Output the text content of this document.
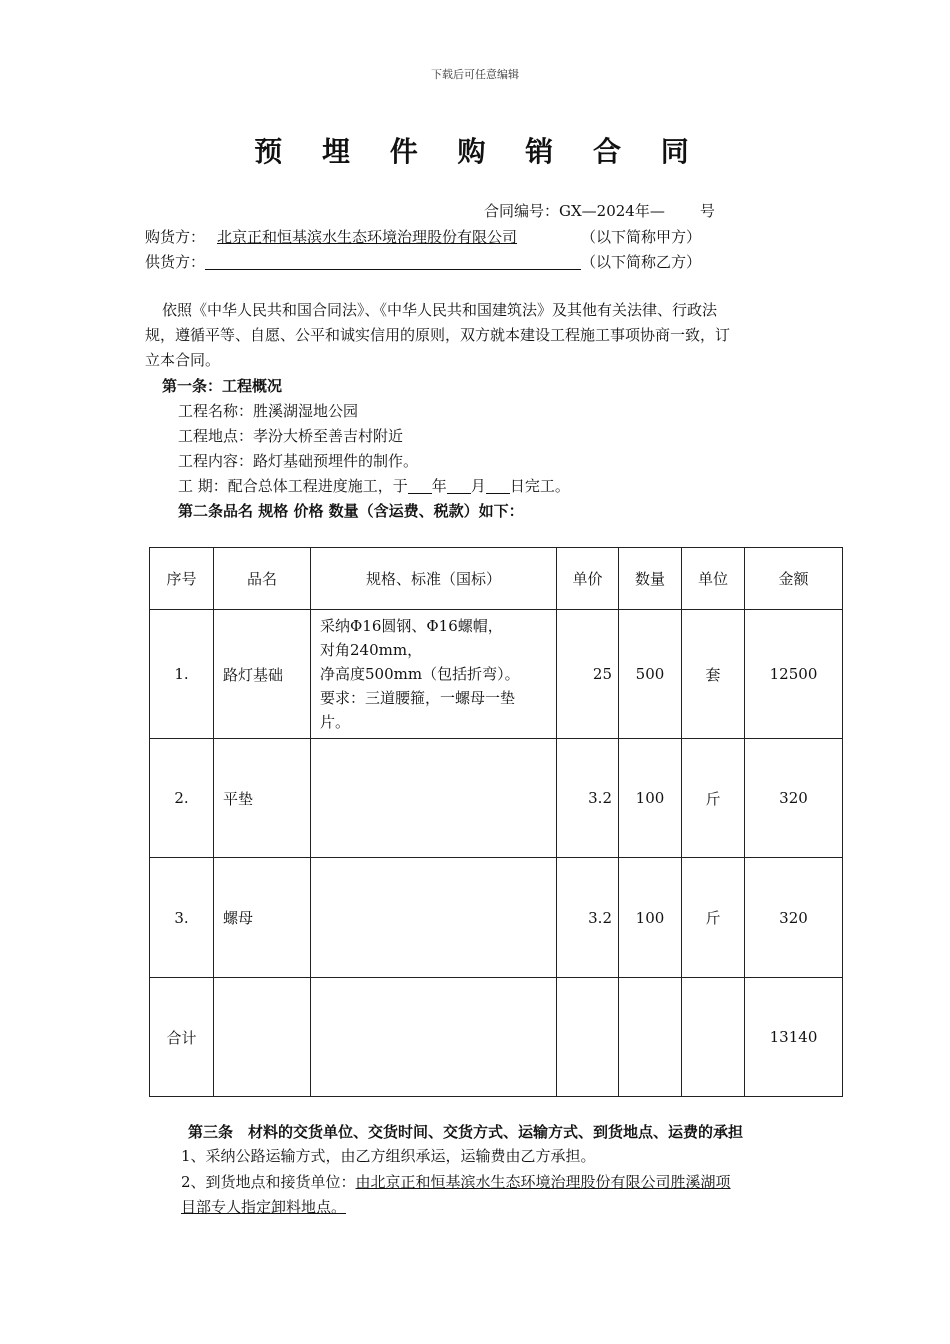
下载后可任意编辑
预 埋 件 购 销 合 同
合同编号：GX—2024年— 号
购货方： 北京正和恒基滨水生态环境治理股份有限公司	（以下简称甲方）
供货方：	（以下简称乙方）
依照《中华人民共和国合同法》、《中华人民共和国建筑法》及其他有关法律、行政法
规，遵循平等、自愿、公平和诚实信用的原则，双方就本建设工程施工事项协商一致，订
立本合同。
第一条：工程概况
工程名称：胜溪湖湿地公园
工程地点：孝汾大桥至善吉村附近
工程内容：路灯基础预埋件的制作。
工 期：配合总体工程进度施工，于 年 月 日完工。
第二条品名 规格 价格 数量（含运费、税款）如下：
序号	品名	规格、标准（国标）	单价	数量	单位	金额
1.	路灯基础	采纳Φ16圆钢、Φ16螺帽，
对角240mm，
净高度500mm（包括折弯）。
要求：三道腰箍，一螺母一垫
片。	25	500	套	12500
2.	平垫		3.2	100	斤	320
3.	螺母		3.2	100	斤	320
合计						13140
第三条　材料的交货单位、交货时间、交货方式、运输方式、到货地点、运费的承担
1、采纳公路运输方式，由乙方组织承运，运输费由乙方承担。
2、到货地点和接货单位：由北京正和恒基滨水生态环境治理股份有限公司胜溪湖项
目部专人指定卸料地点。
